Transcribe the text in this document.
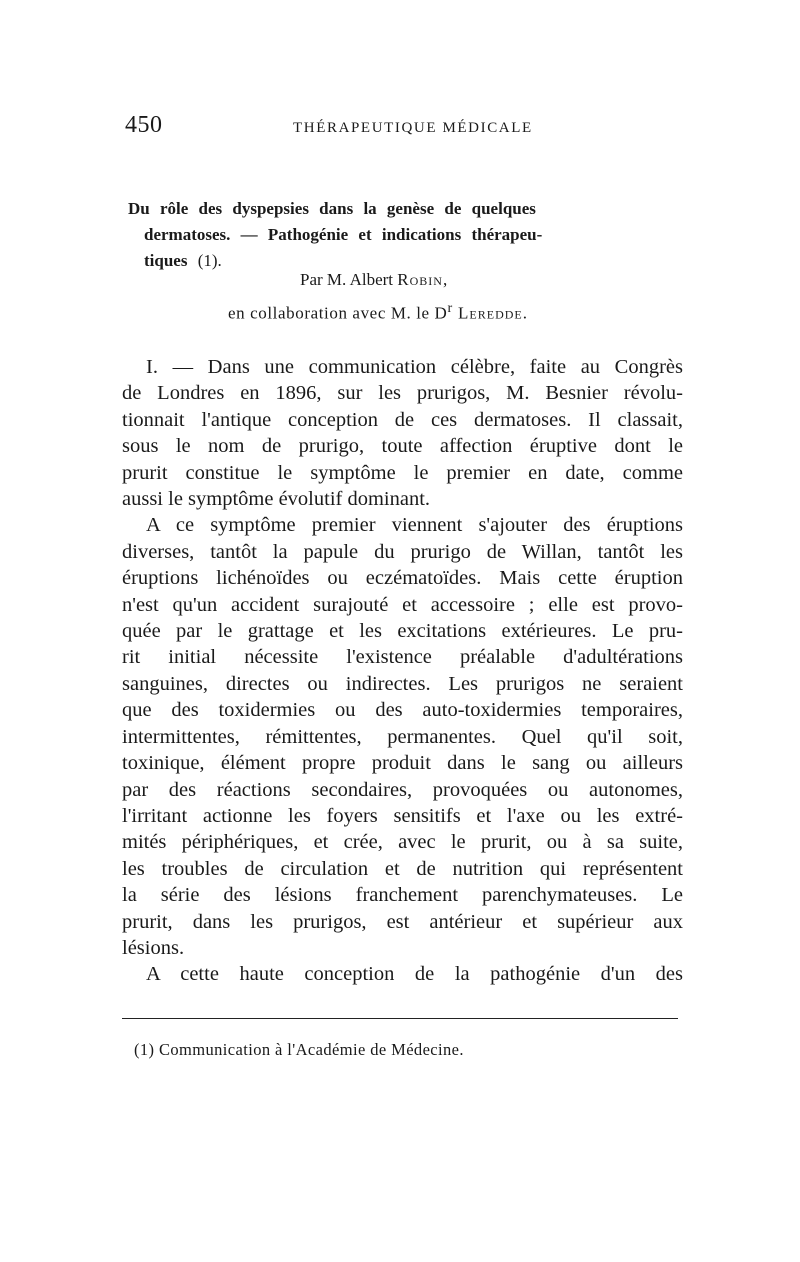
450	THÉRAPEUTIQUE MÉDICALE
Du rôle des dyspepsies dans la genèse de quelques
dermatoses. — Pathogénie et indications thérapeu-
tiques (1).
Par M. Albert Robin,
en collaboration avec M. le $D^r$ Leredde.
I. — Dans une communication célèbre, faite au Congrès
de Londres en 1896, sur les prurigos, M. Besnier révolu-
tionnait l'antique conception de ces dermatoses. Il classait,
sous le nom de prurigo, toute affection éruptive dont le
prurit constitue le symptôme le premier en date, comme
aussi le symptôme évolutif dominant.
A ce symptôme premier viennent s'ajouter des éruptions
diverses, tantôt la papule du prurigo de Willan, tantôt les
éruptions lichénoïdes ou eczématoïdes. Mais cette éruption
n'est qu'un accident surajouté et accessoire ; elle est provo-
quée par le grattage et les excitations extérieures. Le pru-
rit initial nécessite l'existence préalable d'adultérations
sanguines, directes ou indirectes. Les prurigos ne seraient
que des toxidermies ou des auto-toxidermies temporaires,
intermittentes, rémittentes, permanentes. Quel qu'il soit,
toxinique, élément propre produit dans le sang ou ailleurs
par des réactions secondaires, provoquées ou autonomes,
l'irritant actionne les foyers sensitifs et l'axe ou les extré-
mités périphériques, et crée, avec le prurit, ou à sa suite,
les troubles de circulation et de nutrition qui représentent
la série des lésions franchement parenchymateuses. Le
prurit, dans les prurigos, est antérieur et supérieur aux
lésions.
A cette haute conception de la pathogénie d'un des
(1) Communication à l'Académie de Médecine.
